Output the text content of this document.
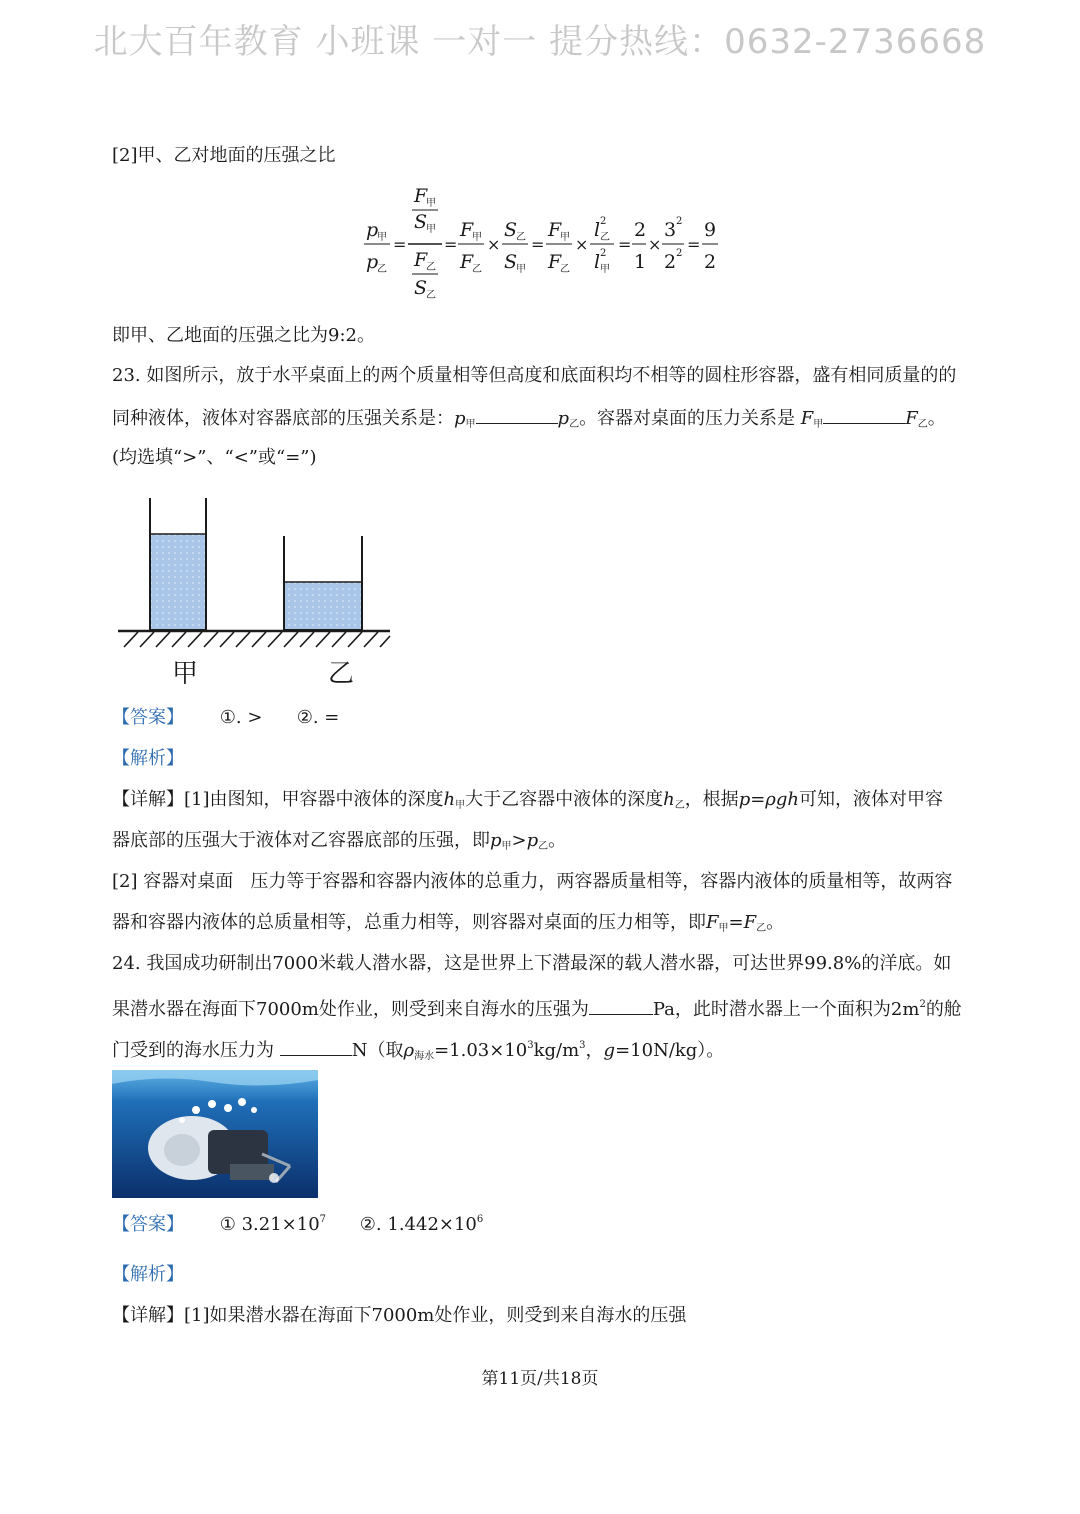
北大百年教育 小班课 一对一 提分热线：0632-2736668
[2]甲、乙对地面的压强之比
p
甲
p
乙
=
F
甲
S
甲
F
乙
S
乙
=
F
甲
F
乙
×
S
乙
S
甲
=
F
甲
F
乙
×
l 2
乙
l 2
甲
=
2
1
×
3 2
2 2 =
9
2
即甲、乙地面的压强之比为9:2。
23. 如图所示，放于水平桌面上的两个质量相等但高度和底面积均不相等的圆柱形容器，盛有相同质量的的
同种液体，液体对容器底部的压强关系是：$p_甲$	$p_乙$。容器对桌面的压力关系是 $F_甲$	$F_乙$。
(均选填“>”、“<”或“=”)
甲	乙
【答案】 ①. >      ②. =
【解析】
【详解】[1]由图知，甲容器中液体的深度$h_甲$大于乙容器中液体的深度$h_乙$，根据p=ρgh可知，液体对甲容
器底部的压强大于液体对乙容器底部的压强，即$p_甲>p_乙$。
[2] 容器对桌面   压力等于容器和容器内液体的总重力，两容器质量相等，容器内液体的质量相等，故两容
器和容器内液体的总质量相等，总重力相等，则容器对桌面的压力相等，即$F_甲=F_乙$。
24. 我国成功研制出7000米载人潜水器，这是世界上下潜最深的载人潜水器，可达世界99.8%的洋底。如
果潜水器在海面下7000m处作业，则受到来自海水的压强为	Pa，此时潜水器上一个面积为$2m^2$的舱
门受到的海水压力为	N（取$\rho_{海水}=1.03\times 10^3kg/m^3$，g=10N/kg）。
【答案】 ① $3.21\times 10^7$ ②. $1.442\times 10^6$
【解析】
【详解】[1]如果潜水器在海面下7000m处作业，则受到来自海水的压强
第11页/共18页
